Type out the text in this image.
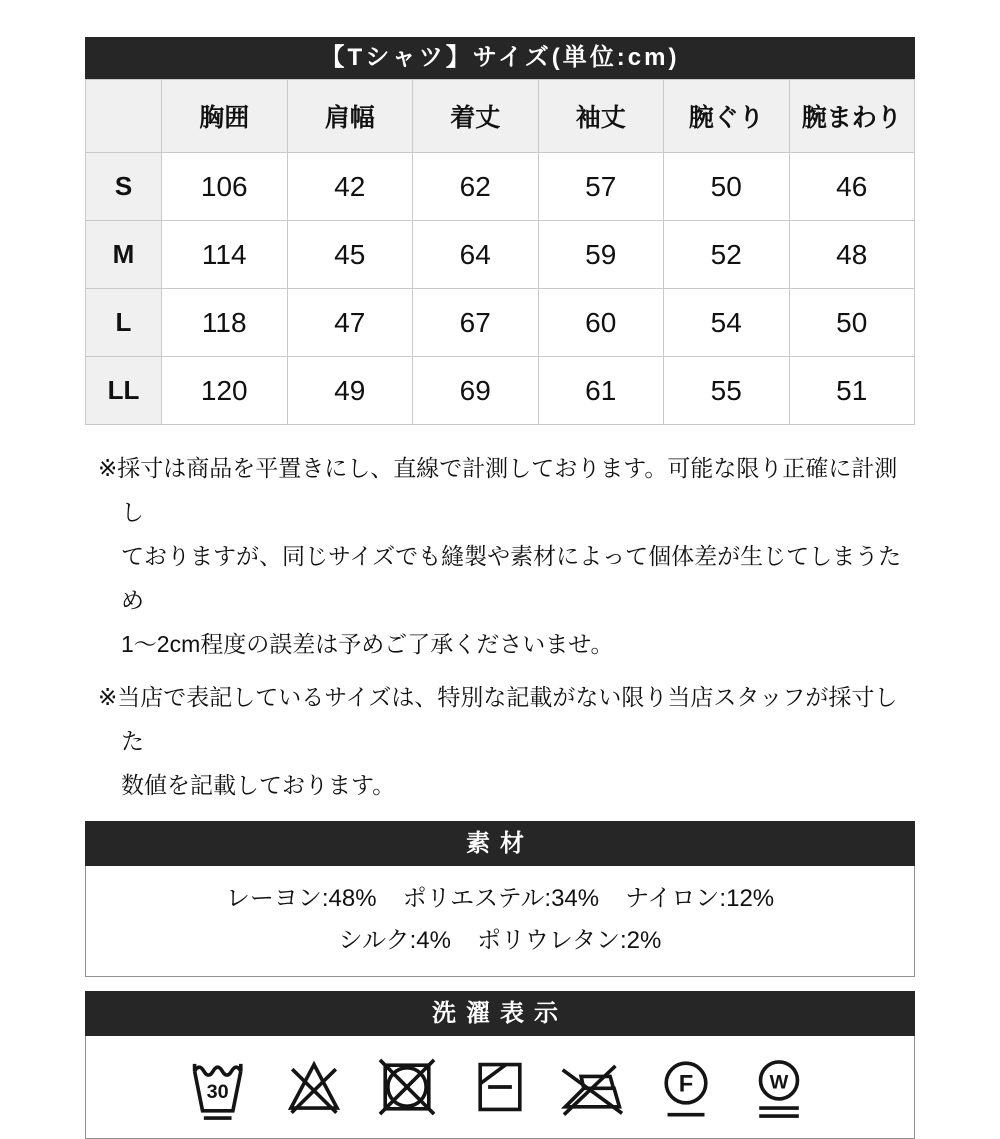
【Tシャツ】サイズ(単位:cm)
	胸囲	肩幅	着丈	袖丈	腕ぐり	腕まわり
S	106	42	62	57	50	46
M	114	45	64	59	52	48
L	118	47	67	60	54	50
LL	120	49	69	61	55	51
※採寸は商品を平置きにし、直線で計測しております。可能な限り正確に計測し
ておりますが、同じサイズでも縫製や素材によって個体差が生じてしまうため
1〜2cm程度の誤差は予めご了承くださいませ。
※当店で表記しているサイズは、特別な記載がない限り当店スタッフが採寸した
数値を記載しております。
素材
レーヨン:48% ポリエステル:34% ナイロン:12%
シルク:4% ポリウレタン:2%
洗濯表示
30	F	W
